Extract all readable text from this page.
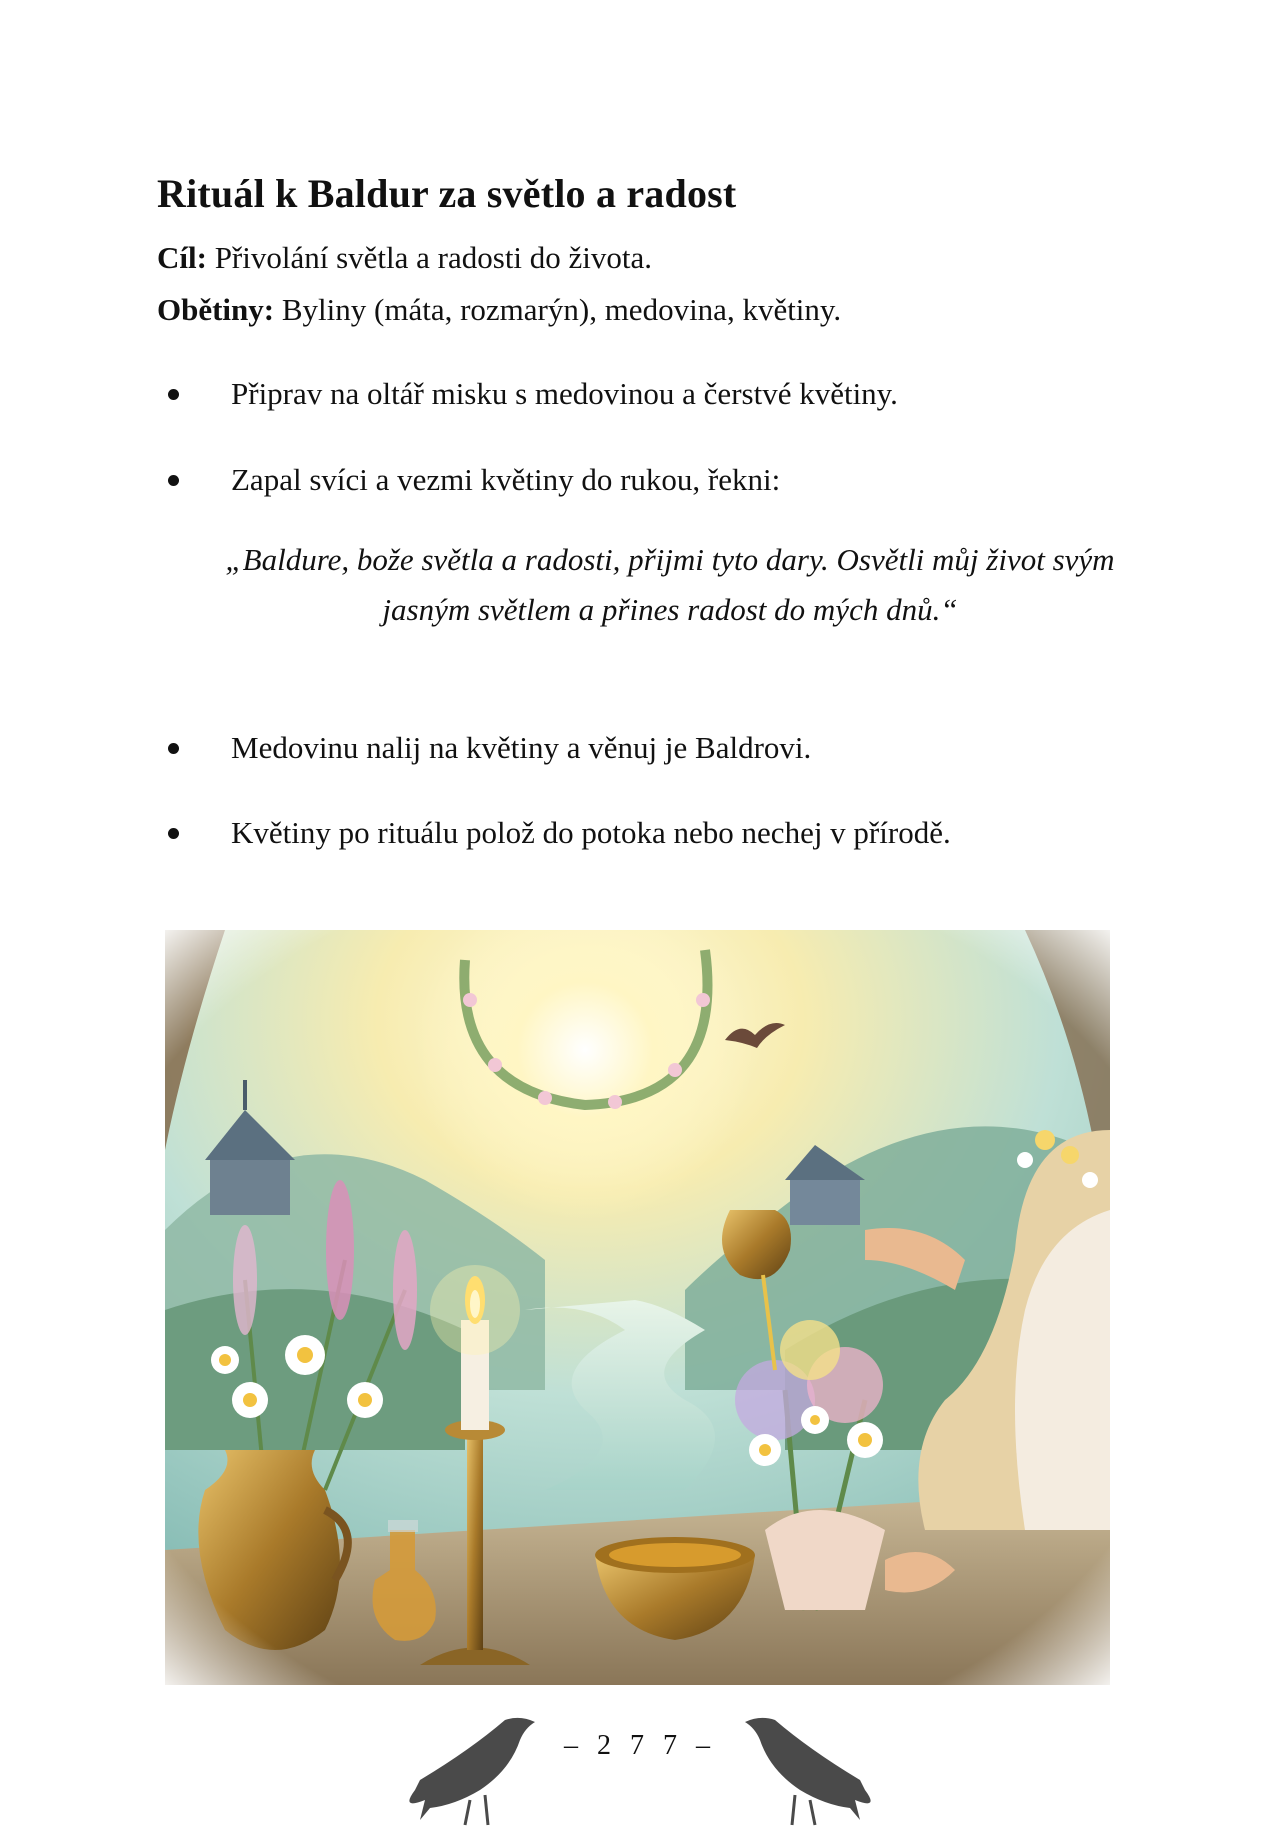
Rituál k Baldur za světlo a radost
Cíl: Přivolání světla a radosti do života.
Obětiny: Byliny (máta, rozmarýn), medovina, květiny.
Připrav na oltář misku s medovinou a čerstvé květiny.
Zapal svíci a vezmi květiny do rukou, řekni:
„Baldure, bože světla a radosti, přijmi tyto dary. Osvětli můj život svým jasným světlem a přines radost do mých dnů.“
Medovinu nalij na květiny a věnuj je Baldrovi.
Květiny po rituálu polož do potoka nebo nechej v přírodě.
– 2 7 7 –
